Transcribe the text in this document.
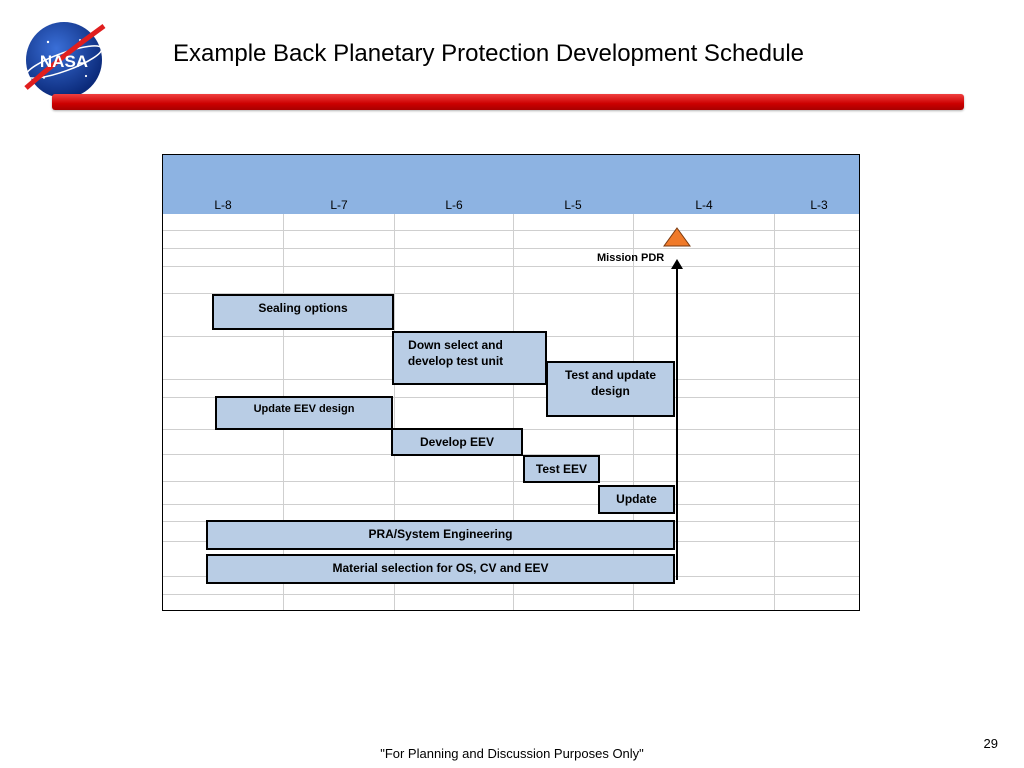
NASA	Example Back Planetary Protection Development Schedule
L-8	L-7	L-6	L-5	L-4	L-3
Mission PDR
Sealing options
Down select and develop test unit
Test and update design
Update EEV design
Develop EEV
Test EEV
Update
PRA/System Engineering
Material selection for OS, CV and EEV
29
"For Planning and Discussion Purposes Only"
